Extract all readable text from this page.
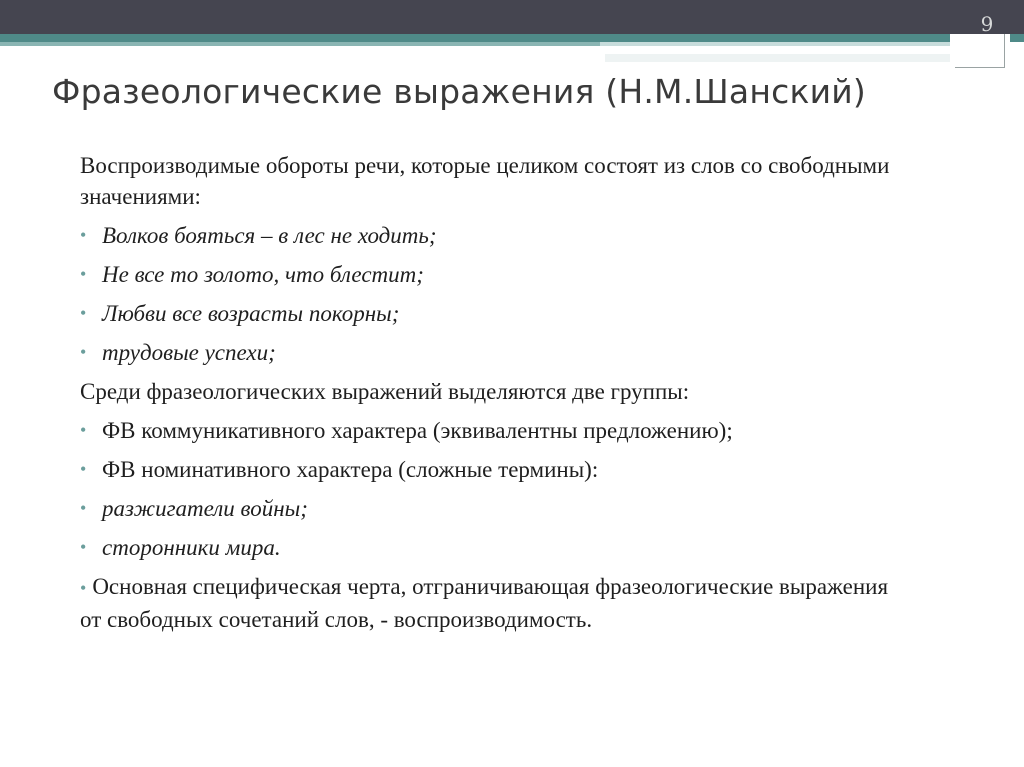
9
Фразеологические выражения (Н.М.Шанский)
Воспроизводимые обороты речи, которые целиком состоят из слов со свободными значениями:
• Волков бояться – в лес не ходить;
• Не все то золото, что блестит;
• Любви все возрасты покорны;
• трудовые успехи;
Среди фразеологических выражений выделяются две группы:
• ФВ коммуникативного характера (эквивалентны предложению);
• ФВ номинативного характера (сложные термины):
• разжигатели войны;
• сторонники мира.
• Основная специфическая черта, отграничивающая фразеологические выражения от свободных сочетаний слов, - воспроизводимость.
